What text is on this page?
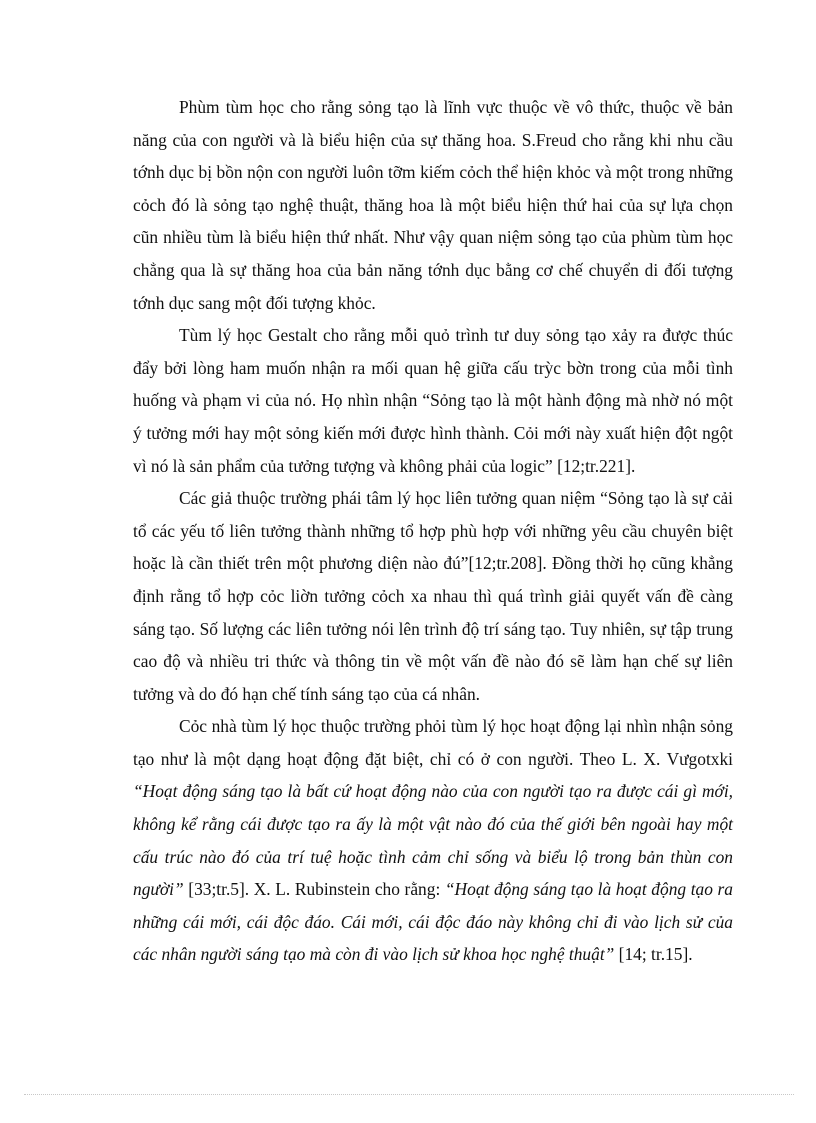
Phùm tùm học cho rằng sỏng tạo là lĩnh vực thuộc về vô thức, thuộc về bản năng của con người và là biểu hiện của sự thăng hoa. S.Freud cho rằng khi nhu cầu tớnh dục bị bồn nộn con người luôn tỡm kiếm cỏch thể hiện khỏc và một trong những cỏch đó là sỏng tạo nghệ thuật, thăng hoa là một biểu hiện thứ hai của sự lựa chọn cũn nhiều tùm là biểu hiện thứ nhất. Như vậy quan niệm sỏng tạo của phùm tùm học chẳng qua là sự thăng hoa của bản năng tớnh dục bằng cơ chế chuyển di đối tượng tớnh dục sang một đối tượng khỏc.

Tùm lý học Gestalt cho rằng mỗi quỏ trình tư duy sỏng tạo xảy ra được thúc đẩy bởi lòng ham muốn nhận ra mối quan hệ giữa cấu trỳc bờn trong của mỗi tình huống và phạm vi của nó. Họ nhìn nhận “Sỏng tạo là một hành động mà nhờ nó một ý tưởng mới hay một sỏng kiến mới được hình thành. Cỏi mới này xuất hiện đột ngột vì nó là sản phẩm của tưởng tượng và không phải của logic” [12;tr.221].

Các giả thuộc trường phái tâm lý học liên tưởng quan niệm “Sỏng tạo là sự cải tổ các yếu tố liên tưởng thành những tổ hợp phù hợp với những yêu cầu chuyên biệt hoặc là cần thiết trên một phương diện nào đú”[12;tr.208]. Đồng thời họ cũng khẳng định rằng tổ hợp cỏc liờn tưởng cỏch xa nhau thì quá trình giải quyết vấn đề càng sáng tạo. Số lượng các liên tưởng nói lên trình độ trí sáng tạo. Tuy nhiên, sự tập trung cao độ và nhiều tri thức và thông tin về một vấn đề nào đó sẽ làm hạn chế sự liên tưởng và do đó hạn chế tính sáng tạo của cá nhân.

Cỏc nhà tùm lý học thuộc trường phỏi tùm lý học hoạt động lại nhìn nhận sỏng tạo như là một dạng hoạt động đặt biệt, chỉ có ở con người. Theo L. X. Vưgotxki “Hoạt động sáng tạo là bất cứ hoạt động nào của con người tạo ra được cái gì mới, không kể rằng cái được tạo ra ấy là một vật nào đó của thế giới bên ngoài hay một cấu trúc nào đó của trí tuệ hoặc tình cảm chỉ sống và biểu lộ trong bản thùn con người” [33;tr.5]. X. L. Rubinstein cho rằng: “Hoạt động sáng tạo là hoạt động tạo ra những cái mới, cái độc đáo. Cái mới, cái độc đáo này không chỉ đi vào lịch sử của các nhân người sáng tạo mà còn đi vào lịch sử khoa học nghệ thuật” [14; tr.15].
